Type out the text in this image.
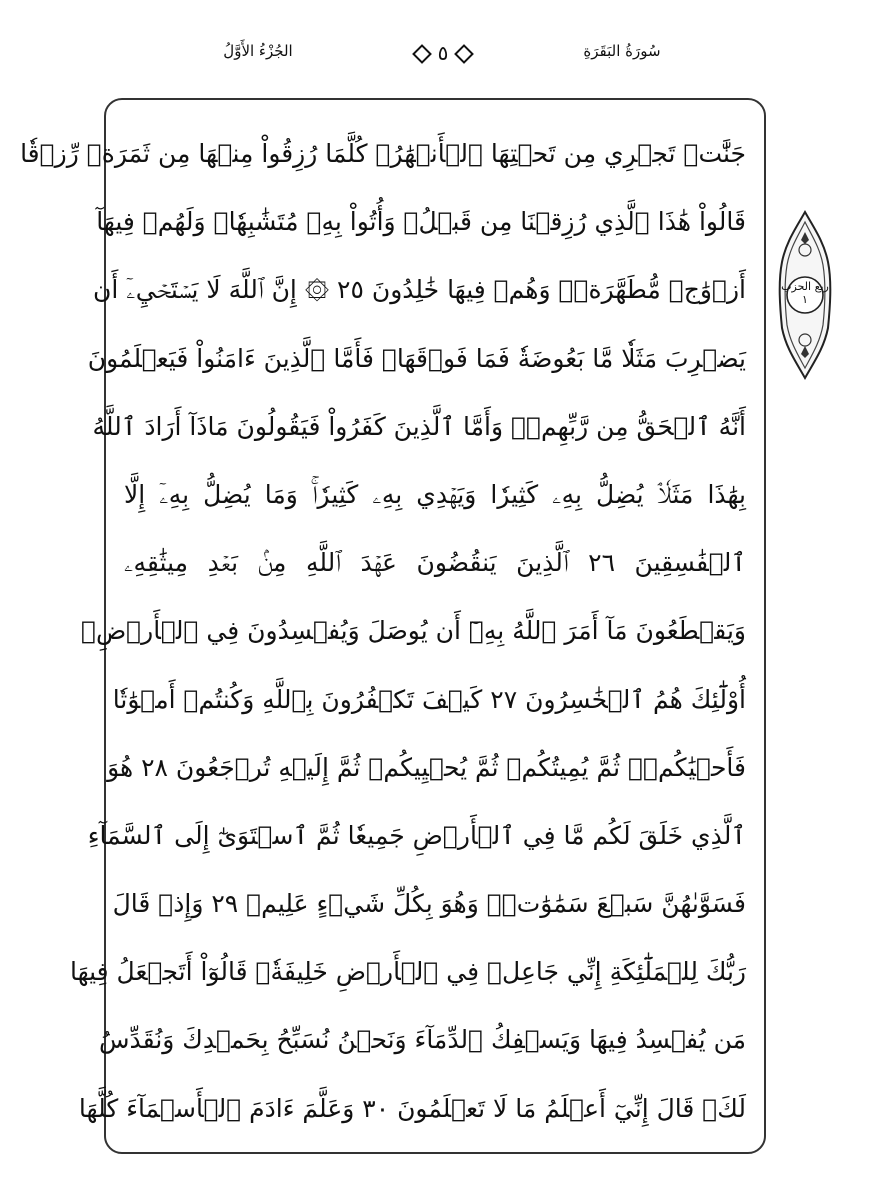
الجُزْءُ الأَوَّلُ	٥	سُورَةُ البَقَرَةِ
جَنَّٰتٖ تَجۡرِي مِن تَحۡتِهَا ٱلۡأَنۡهَٰرُۖ كُلَّمَا رُزِقُواْ مِنۡهَا مِن ثَمَرَةٖ رِّزۡقٗا
قَالُواْ هَٰذَا ٱلَّذِي رُزِقۡنَا مِن قَبۡلُۖ وَأُتُواْ بِهِۦ مُتَشَٰبِهٗاۖ وَلَهُمۡ فِيهَآ
أَزۡوَٰجٞ مُّطَهَّرَةٞۖ وَهُمۡ فِيهَا خَٰلِدُونَ ٢٥ ۞ إِنَّ ٱللَّهَ لَا يَسۡتَحۡيِۦٓ أَن
يَضۡرِبَ مَثَلٗا مَّا بَعُوضَةٗ فَمَا فَوۡقَهَاۚ فَأَمَّا ٱلَّذِينَ ءَامَنُواْ فَيَعۡلَمُونَ
أَنَّهُ ٱلۡحَقُّ مِن رَّبِّهِمۡۖ وَأَمَّا ٱلَّذِينَ كَفَرُواْ فَيَقُولُونَ مَاذَآ أَرَادَ ٱللَّهُ
بِهَٰذَا مَثَلٗاۘ يُضِلُّ بِهِۦ كَثِيرٗا وَيَهۡدِي بِهِۦ كَثِيرٗاۚ وَمَا يُضِلُّ بِهِۦٓ إِلَّا
ٱلۡفَٰسِقِينَ ٢٦ ٱلَّذِينَ يَنقُضُونَ عَهۡدَ ٱللَّهِ مِنۢ بَعۡدِ مِيثَٰقِهِۦ
وَيَقۡطَعُونَ مَآ أَمَرَ ٱللَّهُ بِهِۦٓ أَن يُوصَلَ وَيُفۡسِدُونَ فِي ٱلۡأَرۡضِۚ
أُوْلَٰٓئِكَ هُمُ ٱلۡخَٰسِرُونَ ٢٧ كَيۡفَ تَكۡفُرُونَ بِٱللَّهِ وَكُنتُمۡ أَمۡوَٰتٗا
فَأَحۡيَٰكُمۡۖ ثُمَّ يُمِيتُكُمۡ ثُمَّ يُحۡيِيكُمۡ ثُمَّ إِلَيۡهِ تُرۡجَعُونَ ٢٨ هُوَ
ٱلَّذِي خَلَقَ لَكُم مَّا فِي ٱلۡأَرۡضِ جَمِيعٗا ثُمَّ ٱسۡتَوَىٰٓ إِلَى ٱلسَّمَآءِ
فَسَوَّىٰهُنَّ سَبۡعَ سَمَٰوَٰتٖۚ وَهُوَ بِكُلِّ شَيۡءٍ عَلِيمٞ ٢٩ وَإِذۡ قَالَ
رَبُّكَ لِلۡمَلَٰٓئِكَةِ إِنِّي جَاعِلٞ فِي ٱلۡأَرۡضِ خَلِيفَةٗۖ قَالُوٓاْ أَتَجۡعَلُ فِيهَا
مَن يُفۡسِدُ فِيهَا وَيَسۡفِكُ ٱلدِّمَآءَ وَنَحۡنُ نُسَبِّحُ بِحَمۡدِكَ وَنُقَدِّسُ
لَكَۖ قَالَ إِنِّيٓ أَعۡلَمُ مَا لَا تَعۡلَمُونَ ٣٠ وَعَلَّمَ ءَادَمَ ٱلۡأَسۡمَآءَ كُلَّهَا
ربع الحزب ١
